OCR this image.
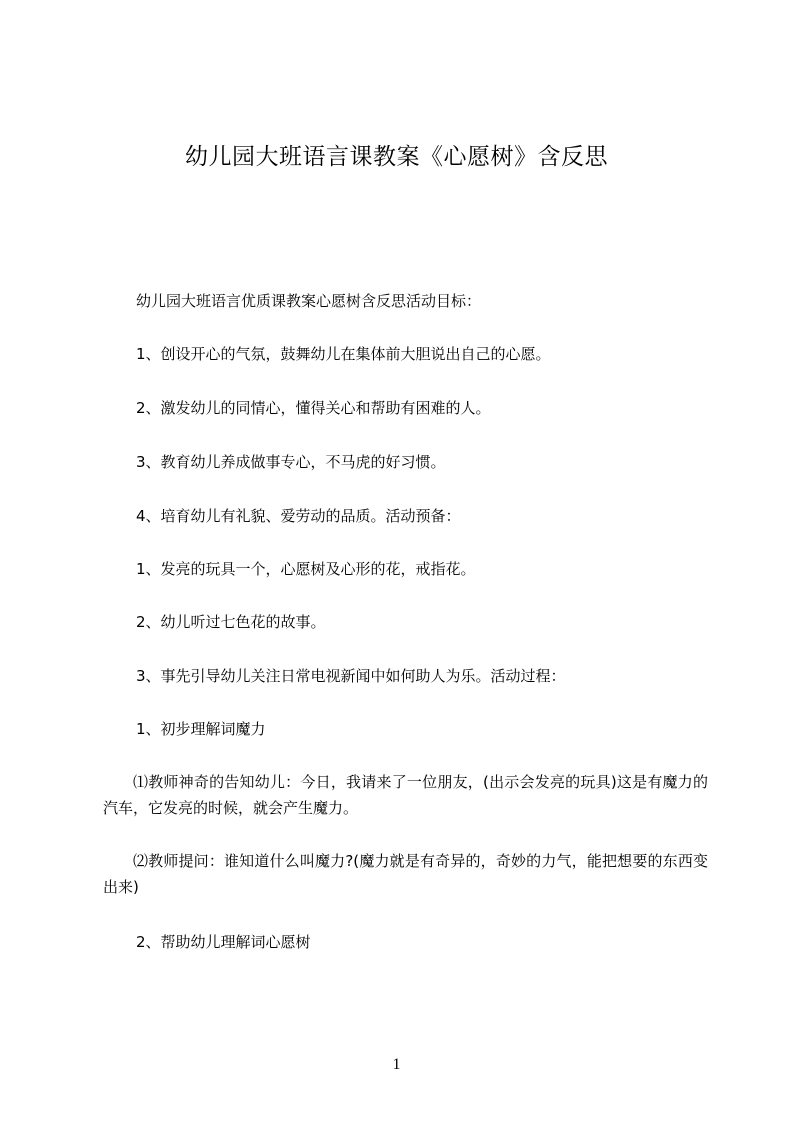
幼儿园大班语言课教案《心愿树》含反思

幼儿园大班语言优质课教案心愿树含反思活动目标：

1、创设开心的气氛，鼓舞幼儿在集体前大胆说出自己的心愿。

2、激发幼儿的同情心，懂得关心和帮助有困难的人。

3、教育幼儿养成做事专心，不马虎的好习惯。

4、培育幼儿有礼貌、爱劳动的品质。活动预备：

1、发亮的玩具一个，心愿树及心形的花，戒指花。

2、幼儿听过七色花的故事。

3、事先引导幼儿关注日常电视新闻中如何助人为乐。活动过程：

1、初步理解词魔力

⑴教师神奇的告知幼儿：今日，我请来了一位朋友，(出示会发亮的玩具)这是有魔力的汽车，它发亮的时候，就会产生魔力。

⑵教师提问：谁知道什么叫魔力?(魔力就是有奇异的，奇妙的力气，能把想要的东西变出来)

2、帮助幼儿理解词心愿树

1
